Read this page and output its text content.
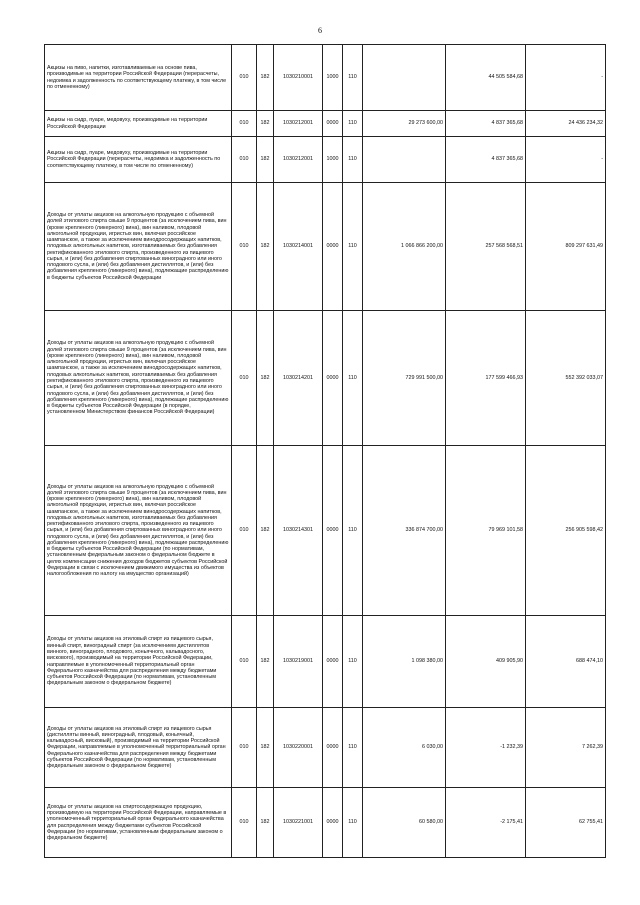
6
Акцизы на пиво, напитки, изготавливаемые на основе пива, производимые на территории Российской Федерации (перерасчеты, недоимка и задолженность по соответствующему платежу, в том числе по отмененному)	010	182	1030210001	1000	110		44 505 584,68	-
Акцизы на сидр, пуаре, медовуху, производимые на территории Российской Федерации	010	182	1030212001	0000	110	29 273 600,00	4 837 365,68	24 436 234,32
Акцизы на сидр, пуаре, медовуху, производимые на территории Российской Федерации (перерасчеты, недоимка и задолженность по соответствующему платежу, в том числе по отмененному)	010	182	1030212001	1000	110		4 837 365,68	-
Доходы от уплаты акцизов на алкогольную продукцию с объемной долей этилового спирта свыше 9 процентов (за исключением пива, вин (кроме крепленого (ликерного) вина), вин наливом, плодовой алкогольной продукции, игристых вин, включая российское шампанское, а также за исключением винодросодержащих напитков, плодовых алкогольных напитков, изготавливаемых без добавления ректификованного этилового спирта, произведенного из пищевого сырья, и (или) без добавления спиртованных виноградного или иного плодового сусла, и (или) без добавления дистиллятов, и (или) без добавления крепленого (ликерного) вина), подлежащие распределению в бюджеты субъектов Российской Федерации	010	182	1030214001	0000	110	1 066 866 200,00	257 568 568,51	809 297 631,49
Доходы от уплаты акцизов на алкогольную продукцию с объемной долей этилового спирта свыше 9 процентов (за исключением пива, вин (кроме крепленого (ликерного) вина), вин наливом, плодовой алкогольной продукции, игристых вин, включая российское шампанское, а также за исключением винодросодержащих напитков, плодовых алкогольных напитков, изготавливаемых без добавления ректификованного этилового спирта, произведенного из пищевого сырья, и (или) без добавления спиртованных виноградного или иного плодового сусла, и (или) без добавления дистиллятов, и (или) без добавления крепленого (ликерного) вина), подлежащие распределению в бюджеты субъектов Российской Федерации (в порядке, установленном Министерством финансов Российской Федерации)	010	182	1030214201	0000	110	729 991 500,00	177 599 466,93	552 392 033,07
Доходы от уплаты акцизов на алкогольную продукцию с объемной долей этилового спирта свыше 9 процентов (за исключением пива, вин (кроме крепленого (ликерного) вина), вин наливом, плодовой алкогольной продукции, игристых вин, включая российское шампанское, а также за исключением винодросодержащих напитков, плодовых алкогольных напитков, изготавливаемых без добавления ректификованного этилового спирта, произведенного из пищевого сырья, и (или) без добавления спиртованных виноградного или иного плодового сусла, и (или) без добавления дистиллятов, и (или) без добавления крепленого (ликерного) вина), подлежащие распределению в бюджеты субъектов Российской Федерации (по нормативам, установленным федеральным законом о федеральном бюджете в целях компенсации снижения доходов бюджетов субъектов Российской Федерации в связи с исключением движимого имущества из объектов налогообложения по налогу на имущество организаций)	010	182	1030214301	0000	110	336 874 700,00	79 969 101,58	256 905 598,42
Доходы от уплаты акцизов на этиловый спирт из пищевого сырья, винный спирт, виноградный спирт (за исключением дистиллятов винного, виноградного, плодового, коньячного, кальвадосного, вискового), производимый на территории Российской Федерации, направляемые в уполномоченный территориальный орган Федерального казначейства для распределения между бюджетами субъектов Российской Федерации (по нормативам, установленным федеральным законом о федеральном бюджете)	010	182	1030219001	0000	110	1 098 380,00	409 905,90	688 474,10
Доходы от уплаты акцизов на этиловый спирт из пищевого сырья (дистилляты винный, виноградный, плодовый, коньячный, кальвадосный, висковый), производимый на территории Российской Федерации, направляемые в уполномоченный территориальный орган Федерального казначейства для распределения между бюджетами субъектов Российской Федерации (по нормативам, установленным федеральным законом о федеральном бюджете)	010	182	1030220001	0000	110	6 030,00	-1 232,39	7 262,39
Доходы от уплаты акцизов на спиртосодержащую продукцию, производимую на территории Российской Федерации, направляемые в уполномоченный территориальный орган Федерального казначейства для распределения между бюджетами субъектов Российской Федерации (по нормативам, установленным федеральным законом о федеральном бюджете)	010	182	1030221001	0000	110	60 580,00	-2 175,41	62 755,41
